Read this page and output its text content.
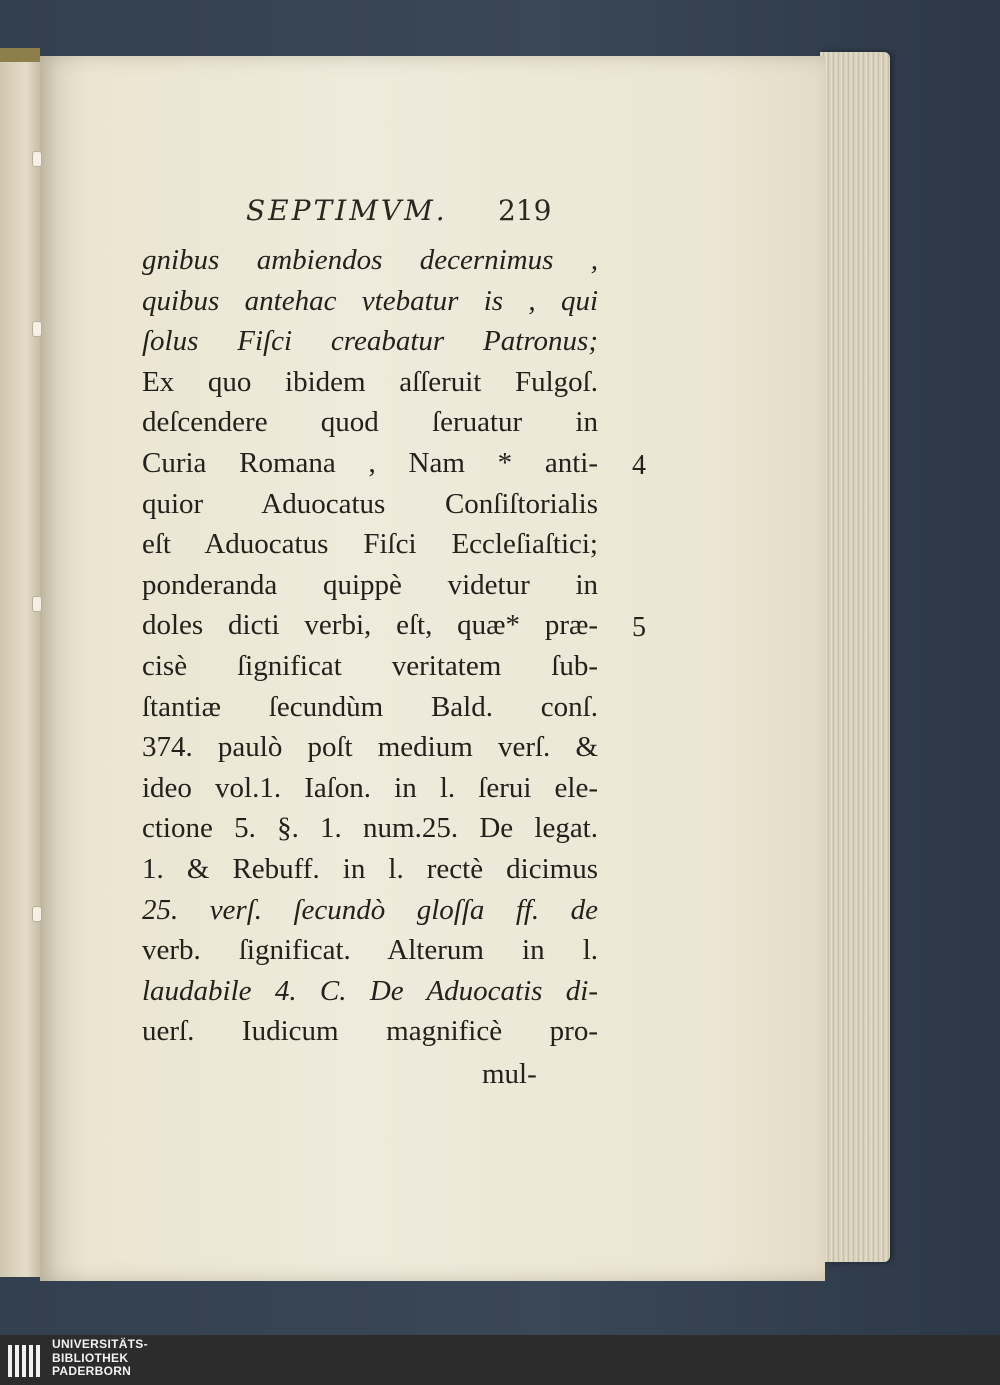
SEPTIMVM. 219
gnibus ambiendos decernimus ,
quibus antehac vtebatur is , qui
ſolus Fiſci creabatur Patronus;
Ex quo ibidem aſſeruit Fulgoſ.
deſcendere quod ſeruatur in
Curia Romana , Nam * anti-
quior Aduocatus Conſiſtorialis
eſt Aduocatus Fiſci Eccleſiaſtici;
ponderanda quippè videtur in
doles dicti verbi, eſt, quæ* præ-
cisè ſignificat veritatem ſub-
ſtantiæ ſecundùm Bald. conſ.
374. paulò poſt medium verſ. &
ideo vol.1. Iaſon. in l. ſerui ele-
ctione 5. §. 1. num.25. De legat.
1. & Rebuff. in l. rectè dicimus
25. verſ. ſecundò gloſſa ff. de
verb. ſignificat. Alterum in l.
laudabile 4. C. De Aduocatis di-
uerſ. Iudicum magnificè pro-
mul-
4
5
UNIVERSITÄTS-
BIBLIOTHEK
PADERBORN
